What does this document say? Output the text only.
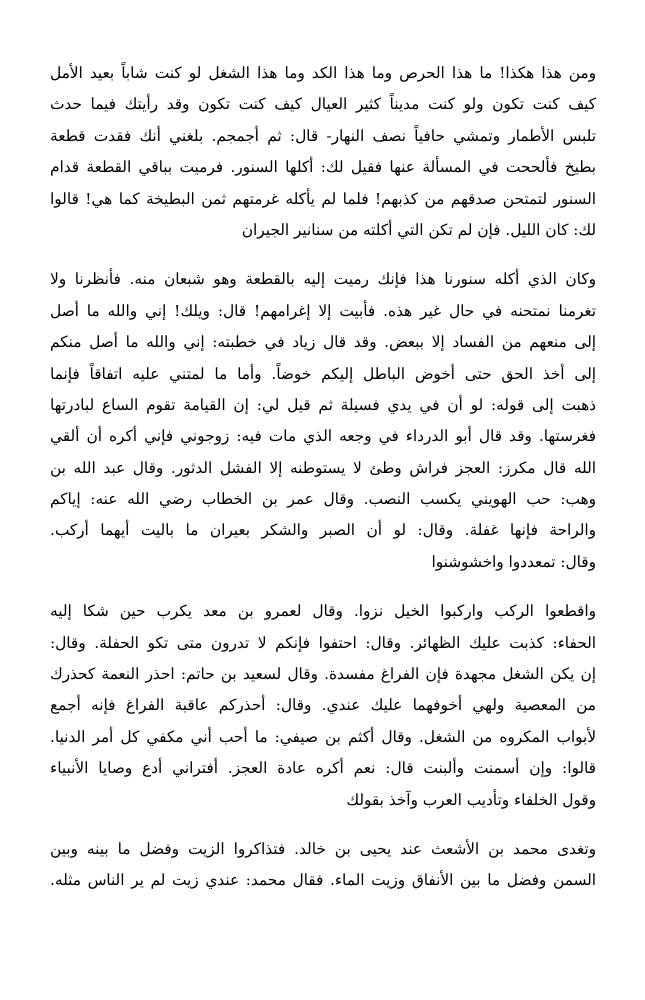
ومن هذا هكذا! ما هذا الحرص وما هذا الكد وما هذا الشغل لو كنت شاباً بعيد الأمل
كيف كنت تكون ولو كنت مديناً كثير العيال كيف كنت تكون وقد رأيتك فيما حدث
تلبس الأطمار وتمشي حافياً نصف النهار- قال: ثم أجمجم. بلغني أنك فقدت قطعة
بطيخ فألححت في المسألة عنها فقيل لك: أكلها السنور. فرميت بباقي القطعة قدام
السنور لتمتحن صدقهم من كذبهم! فلما لم يأكله غرمتهم ثمن البطيخة كما هي! قالوا
لك: كان الليل. فإن لم تكن التي أكلته من سنانير الجيران
وكان الذي أكله سنورنا هذا فإنك رميت إليه بالقطعة وهو شبعان منه. فأنظرنا ولا
تغرمنا نمتحنه في حال غير هذه. فأبيت إلا إغرامهم! قال: ويلك! إني والله ما أصل
إلى منعهم من الفساد إلا ببعض. وقد قال زياد في خطبته: إني والله ما أصل منكم
إلى أخذ الحق حتى أخوض الباطل إليكم خوضاً. وأما ما لمتني عليه اتفاقاً فإنما
ذهبت إلى قوله: لو أن في يدي فسيلة ثم قيل لي: إن القيامة تقوم الساع لبادرتها
فغرستها. وقد قال أبو الدرداء في وجعه الذي مات فيه: زوجوني فإني أكره أن ألقي
الله قال مكرز: العجز فراش وطئ لا يستوطنه إلا الفشل الدثور. وقال عبد الله بن
وهب: حب الهويني يكسب النصب. وقال عمر بن الخطاب رضي الله عنه: إياكم
والراحة فإنها غفلة. وقال: لو أن الصبر والشكر بعيران ما باليت أيهما أركب.
وقال: تمعددوا واخشوشنوا
واقطعوا الركب واركبوا الخيل نزوا. وقال لعمرو بن معد يكرب حين شكا إليه
الحفاء: كذبت عليك الظهائر. وقال: احتفوا فإنكم لا تدرون متى تكو الحفلة. وقال:
إن يكن الشغل مجهدة فإن الفراغ مفسدة. وقال لسعيد بن حاتم: احذر النعمة كحذرك
من المعصية ولهي أخوفهما عليك عندي. وقال: أحذركم عاقبة الفراغ فإنه أجمع
لأبواب المكروه من الشغل. وقال أكثم بن صيفي: ما أحب أني مكفي كل أمر الدنيا.
قالوا: وإن أسمنت وألبنت قال: نعم أكره عادة العجز. أفتراني أدع وصايا الأنبياء
وقول الخلفاء وتأديب العرب وآخذ بقولك
وتغدى محمد بن الأشعث عند يحيى بن خالد. فتذاكروا الزيت وفضل ما بينه وبين
السمن وفضل ما بين الأنفاق وزيت الماء. فقال محمد: عندي زيت لم ير الناس مثله.
